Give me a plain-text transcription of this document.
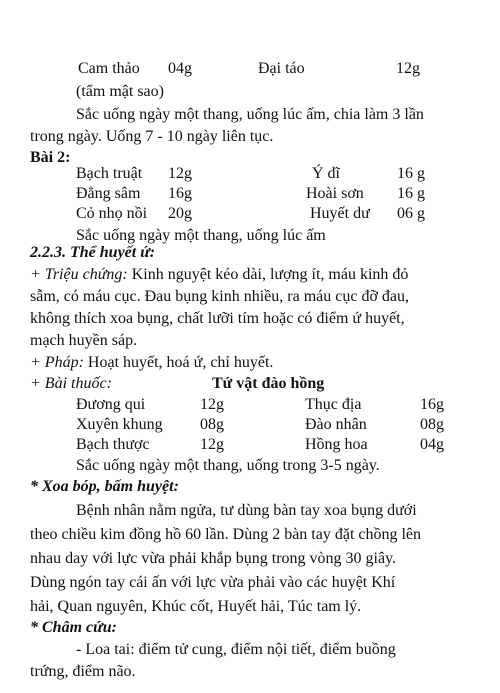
Cam thảo 04g	Đại táo	12g
(tẩm mật sao)
Sắc uống ngày một thang, uống lúc ấm, chia làm 3 lần
trong ngày. Uống 7 - 10 ngày liên tục.
Bài 2:
Bạch truật 12g	Ý dĩ	16 g
Đẳng sâm 16g	Hoài sơn 16 g
Cỏ nhọ nồi 20g	Huyết dư 06 g
Sắc uống ngày một thang, uống lúc ấm
2.2.3. Thể huyết ứ:
+ Triệu chứng: Kinh nguyệt kéo dài, lượng ít, máu kinh đỏ
sẫm, có máu cục. Đau bụng kinh nhiều, ra máu cục đỡ đau,
không thích xoa bụng, chất lưỡi tím hoặc có điểm ứ huyết,
mạch huyền sáp.
+ Pháp: Hoạt huyết, hoá ứ, chỉ huyết.
+ Bài thuốc:	Tứ vật đào hồng
Đương qui	12g	Thục địa	16g
Xuyên khung 08g	Đào nhân	08g
Bạch thược	12g	Hồng hoa	04g
Sắc uống ngày một thang, uống trong 3-5 ngày.
* Xoa bóp, bấm huyệt:
Bệnh nhân nằm ngửa, tư dùng bàn tay xoa bụng dưới
theo chiều kim đồng hồ 60 lần. Dùng 2 bàn tay đặt chồng lên
nhau day với lực vừa phải khắp bụng trong vòng 30 giây.
Dùng ngón tay cái ấn với lực vừa phải vào các huyệt Khí
hải, Quan nguyên, Khúc cốt, Huyết hải, Túc tam lý.
* Châm cứu:
- Loa tai: điểm tử cung, điểm nội tiết, điểm buồng
trứng, điểm não.
